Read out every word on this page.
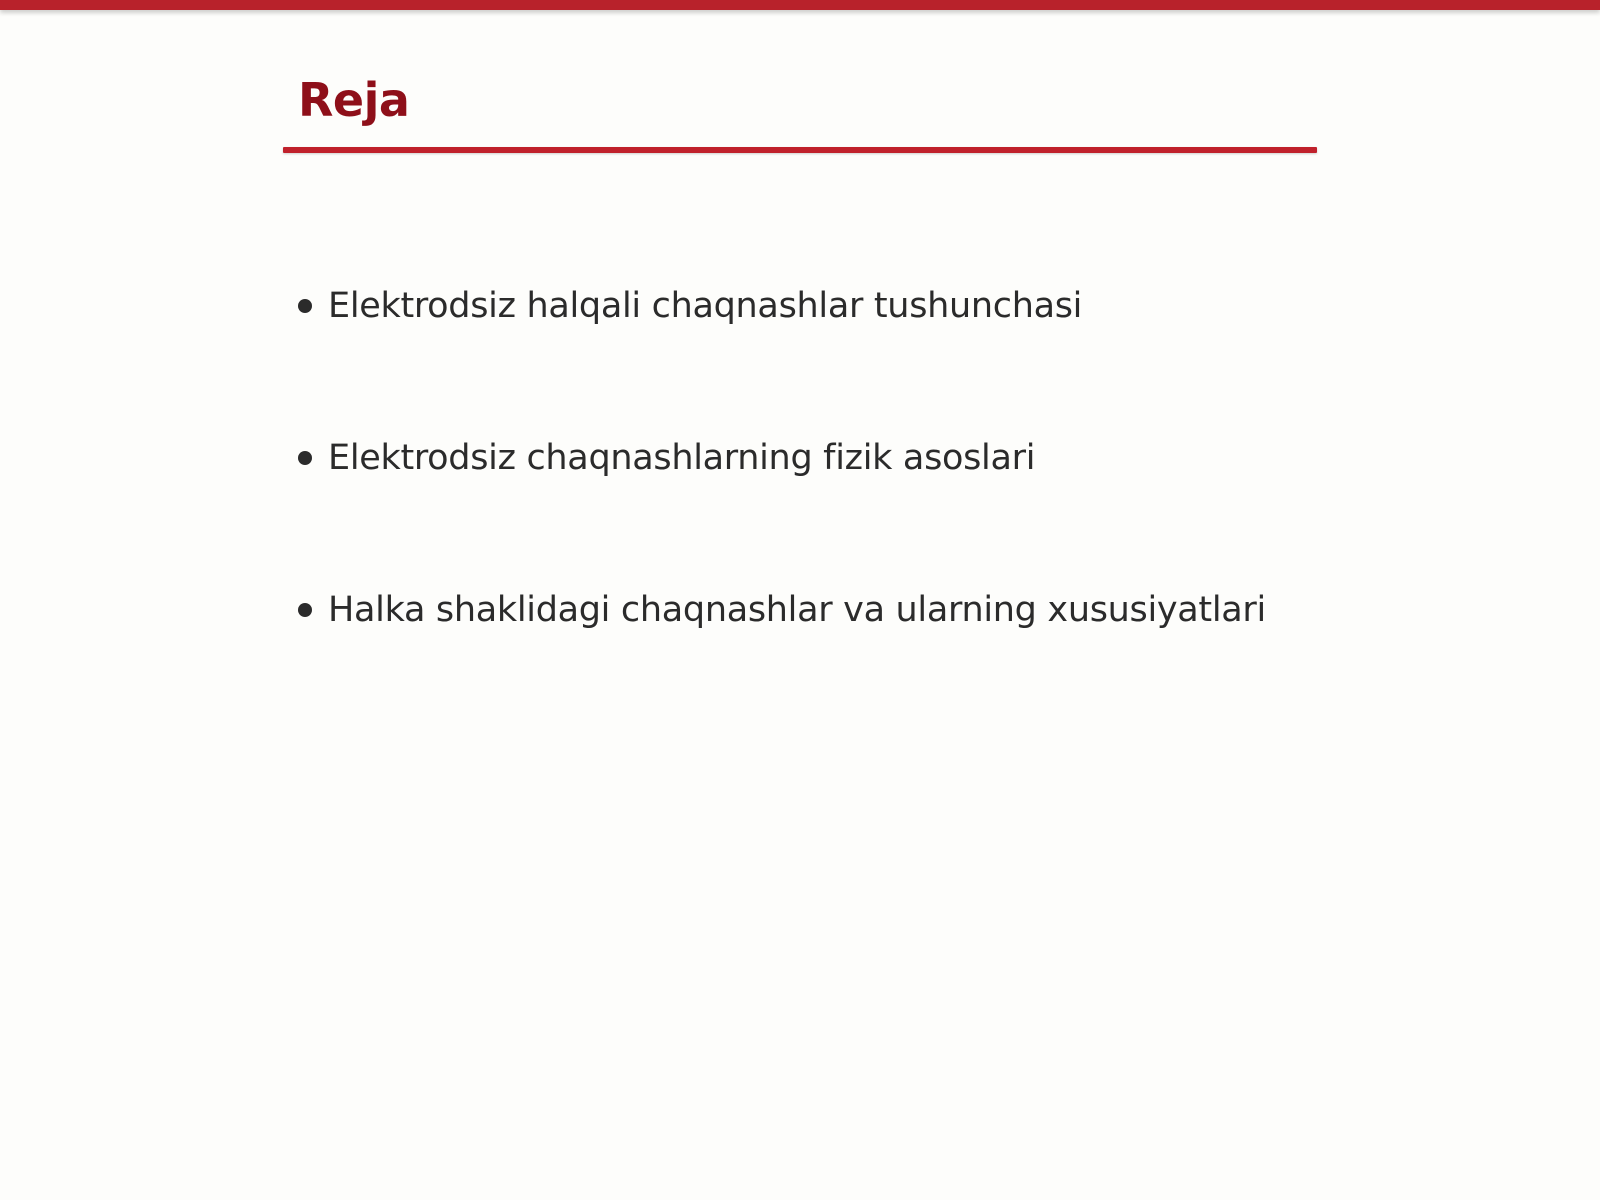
Reja
Elektrodsiz halqali chaqnashlar tushunchasi
Elektrodsiz chaqnashlarning fizik asoslari
Halka shaklidagi chaqnashlar va ularning xususiyatlari
